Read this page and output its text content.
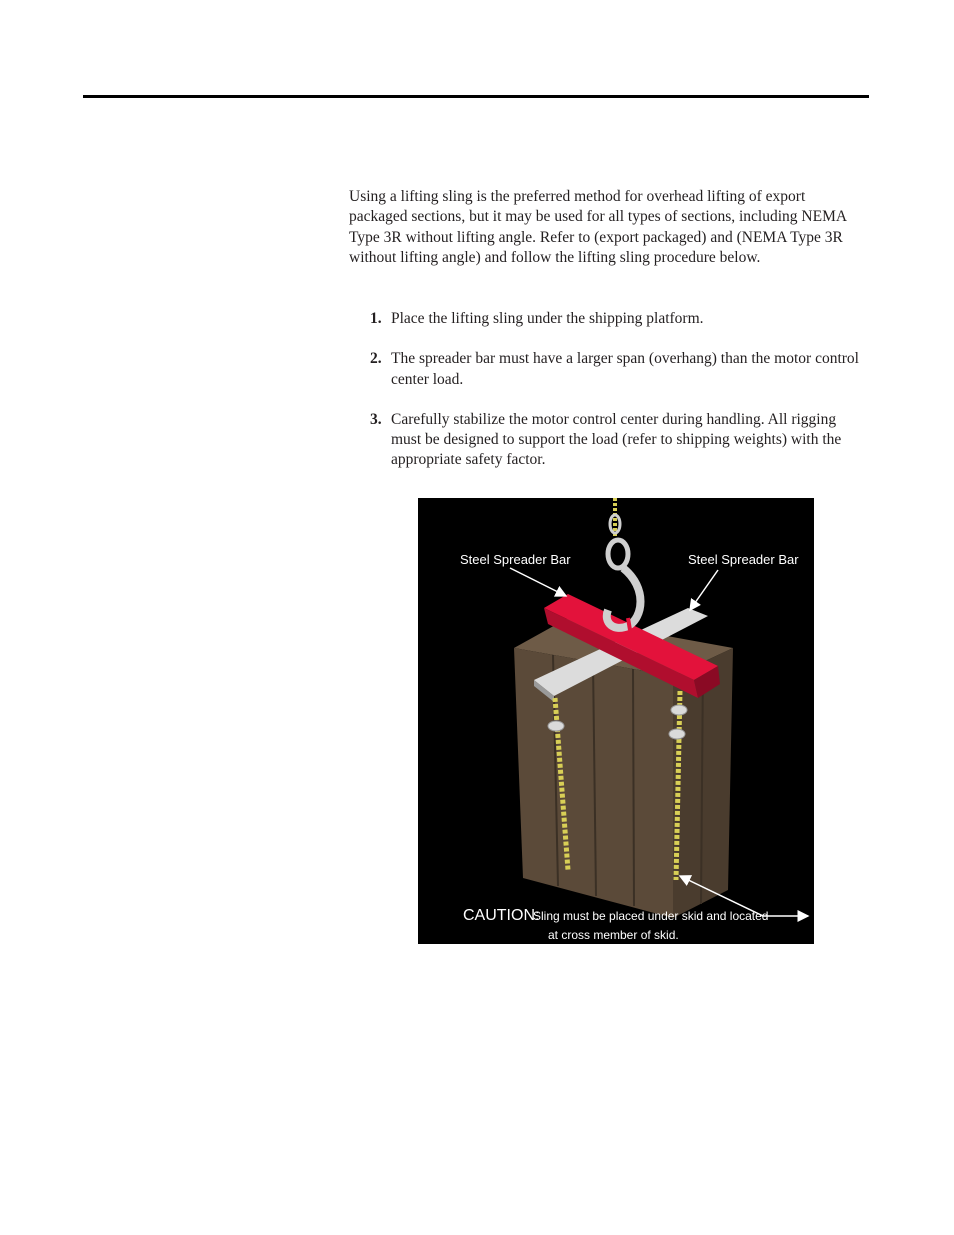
Using a lifting sling is the preferred method for overhead lifting of export packaged sections, but it may be used for all types of sections, including NEMA Type 3R without lifting angle. Refer to (export packaged) and (NEMA Type 3R without lifting angle) and follow the lifting sling procedure below.

1. Place the lifting sling under the shipping platform.
2. The spreader bar must have a larger span (overhang) than the motor control center load.
3. Carefully stabilize the motor control center during handling. All rigging must be designed to support the load (refer to shipping weights) with the appropriate safety factor.
Steel Spreader Bar	Steel Spreader Bar
CAUTION:
Sling must be placed under skid and located
at cross member of skid.
